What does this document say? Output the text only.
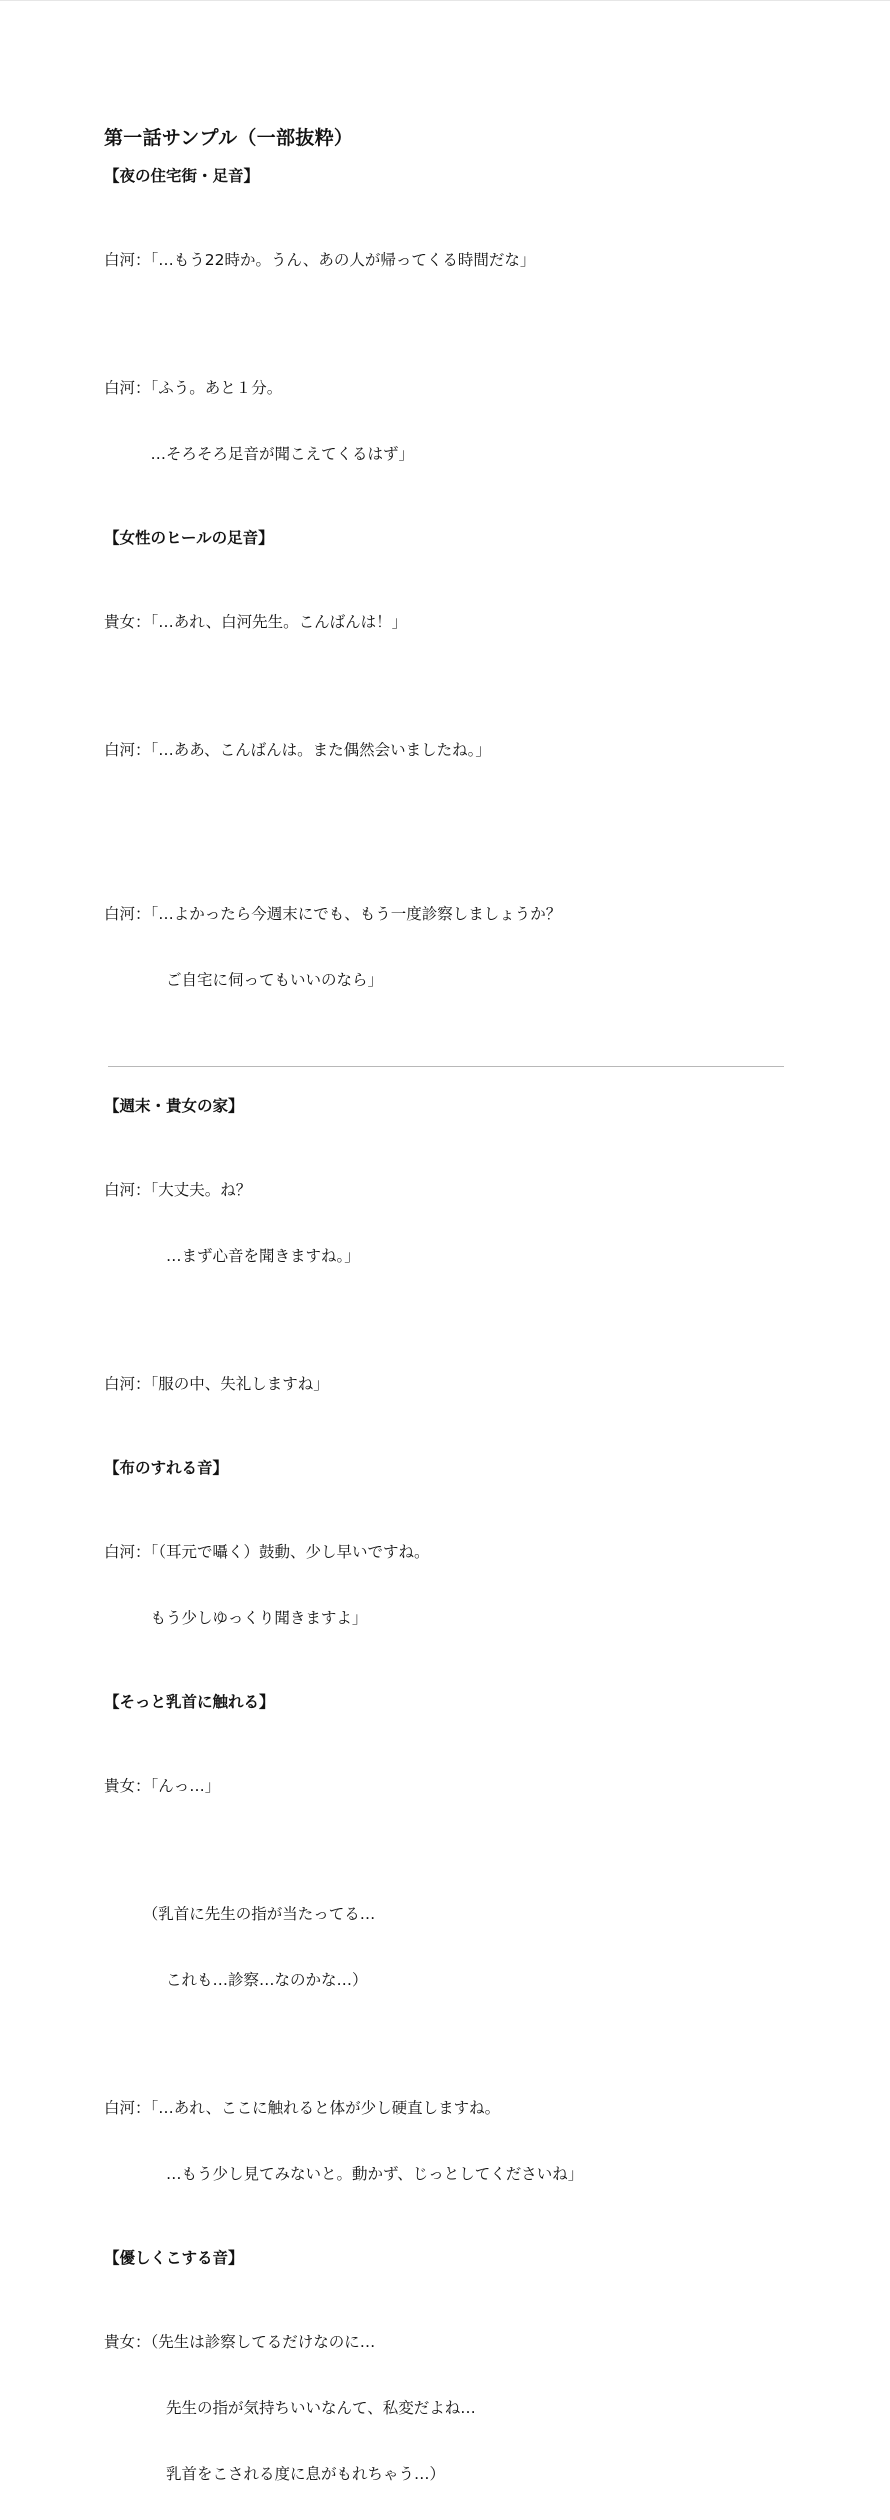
第一話サンプル（一部抜粋）
【夜の住宅街・足音】

白河：「…もう22時か。うん、あの人が帰ってくる時間だな」

白河：「ふう。あと１分。

　　　…そろそろ足音が聞こえてくるはず」

【女性のヒールの足音】

貴女：「…あれ、白河先生。こんばんは！」

白河：「…ああ、こんばんは。また偶然会いましたね。」

白河：「…よかったら今週末にでも、もう一度診察しましょうか？

　　　　ご自宅に伺ってもいいのなら」

【週末・貴女の家】

白河：「大丈夫。ね？

　　　　…まず心音を聞きますね。」

白河：「服の中、失礼しますね」

【布のすれる音】

白河：「（耳元で囁く）鼓動、少し早いですね。

　　　もう少しゆっくり聞きますよ」

【そっと乳首に触れる】

貴女：「んっ…」

　　　（乳首に先生の指が当たってる…

　　　　これも…診察…なのかな…）

白河：「…あれ、ここに触れると体が少し硬直しますね。

　　　　…もう少し見てみないと。動かず、じっとしてくださいね」

【優しくこする音】

貴女：（先生は診察してるだけなのに…

　　　　先生の指が気持ちいいなんて、私変だよね…

　　　　乳首をこされる度に息がもれちゃう…）
